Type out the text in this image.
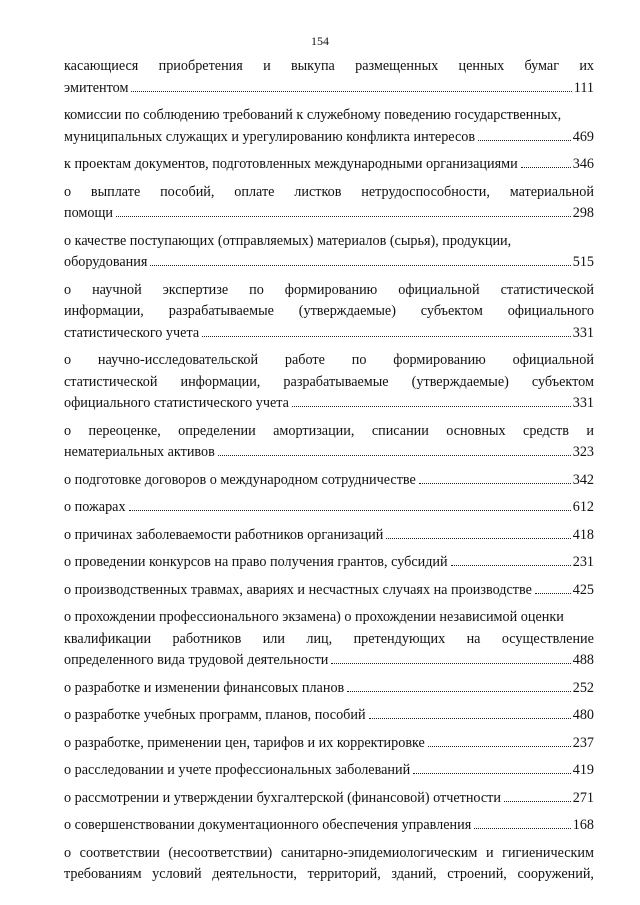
154
касающиеся приобретения и выкупа размещенных ценных бумаг их
эмитентом	111
комиссии по соблюдению требований к служебному поведению государственных,
муниципальных служащих и урегулированию конфликта интересов	469
к проектам документов, подготовленных международными организациями	346
о выплате пособий, оплате листков нетрудоспособности, материальной
помощи	298
о качестве поступающих (отправляемых) материалов (сырья), продукции,
оборудования	515
о научной экспертизе по формированию официальной статистической
информации, разрабатываемые (утверждаемые) субъектом официального
статистического учета	331
о научно-исследовательской работе по формированию официальной
статистической информации, разрабатываемые (утверждаемые) субъектом
официального статистического учета	331
о переоценке, определении амортизации, списании основных средств и
нематериальных активов	323
о подготовке договоров о международном сотрудничестве	342
о пожарах	612
о причинах заболеваемости работников организаций	418
о проведении конкурсов на право получения грантов, субсидий	231
о производственных травмах, авариях и несчастных случаях на производстве	425
о прохождении профессионального экзамена) о прохождении независимой оценки
квалификации работников или лиц, претендующих на осуществление
определенного вида трудовой деятельности	488
о разработке и изменении финансовых планов	252
о разработке учебных программ, планов, пособий	480
о разработке, применении цен, тарифов и их корректировке	237
о расследовании и учете профессиональных заболеваний	419
о рассмотрении и утверждении бухгалтерской (финансовой) отчетности	271
о совершенствовании документационного обеспечения управления	168
о соответствии (несоответствии) санитарно-эпидемиологическим и гигиеническим
требованиям условий деятельности, территорий, зданий, строений, сооружений,
